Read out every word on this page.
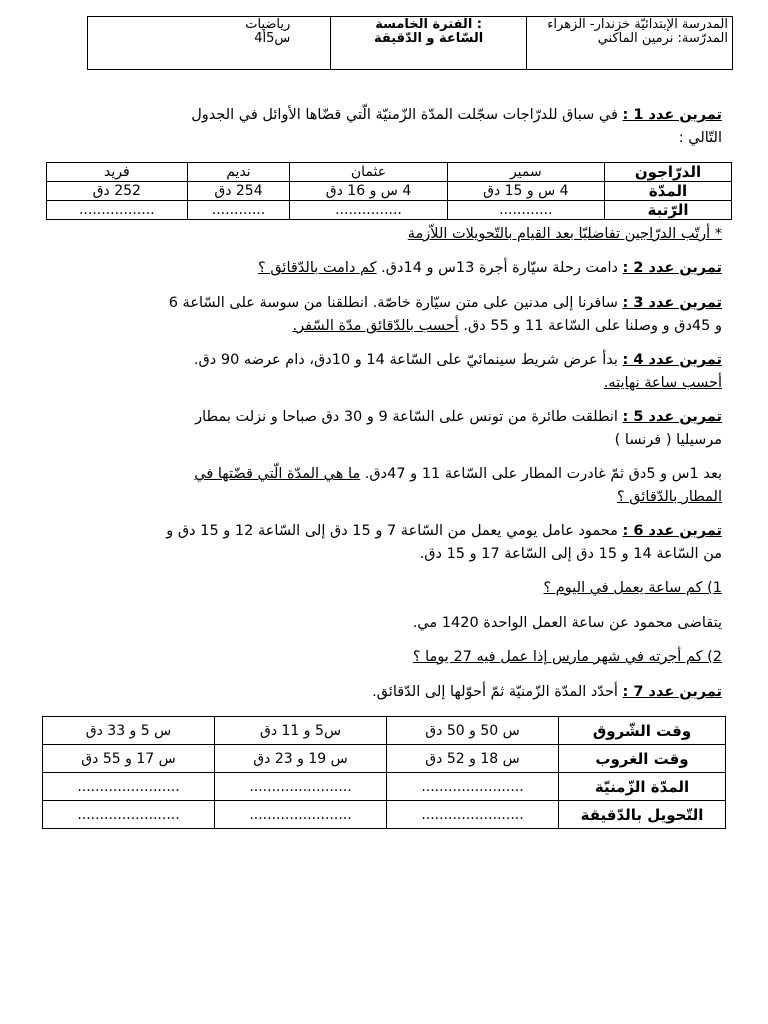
رياضيات
س5أ4

الفترة الخامسة :
السّاعة و الدّقيقة

المدرسة الإبتدائيّة خزندار- الزهراء
المدرّسة: نرمين الماكني
تمرين عدد 1 : في سباق للدرّاجات سجّلت المدّة الزّمنيّة الّتي قضّاها الأوائل في الجدول
التّالي :
الدرّاجون	سمير	عثمان	نديم	فريد
المدّة	4 س و 15 دق	4 س و 16 دق	254 دق	252 دق
الرّتبة	............	...............	............	.................
* أرتّب الدرّاجين تفاضليّا بعد القيام بالتّحويلات اللاّزمة
تمرين عدد 2 : دامت رحلة سيّارة أجرة 13س و 14دق. كم دامت بالدّقائق ؟
تمرين عدد 3 : سافرنا إلى مدنين على متن سيّارة خاصّة. انطلقنا من سوسة على السّاعة 6
و 45دق و وصلنا على السّاعة 11 و 55 دق. أحسب بالدّقائق مدّة السّفر.
تمرين عدد 4 : بدأ عرض شريط سينمائيّ على السّاعة 14 و 10دق، دام عرضه 90 دق.
أحسب ساعة نهايته.
تمرين عدد 5 : انطلقت طائرة من تونس على السّاعة 9 و 30 دق صباحا و نزلت بمطار
مرسيليا ( فرنسا )
بعد 1س و 5دق ثمّ غادرت المطار على السّاعة 11 و 47دق. ما هي المدّة الّتي قضّتها في
المطار بالدّقائق ؟
تمرين عدد 6 : محمود عامل يومي يعمل من السّاعة 7 و 15 دق إلى السّاعة 12 و 15 دق و
من السّاعة 14 و 15 دق إلى السّاعة 17 و 15 دق.
1) كم ساعة يعمل في اليوم ؟
يتقاضى محمود عن ساعة العمل الواحدة 1420 مي.
2) كم أجرته في شهر مارس إذا عمل فيه 27 يوما ؟
تمرين عدد 7 : أحدّد المدّة الزّمنيّة ثمّ أحوّلها إلى الدّقائق.
وقت الشّروق	س 50 و 50 دق	س5 و 11 دق	س 5 و 33 دق
وقت الغروب	س 18 و 52 دق	س 19 و 23 دق	س 17 و 55 دق
المدّة الزّمنيّة	.......................	.......................	.......................
التّحويل بالدّقيقة	.......................	.......................	.......................
